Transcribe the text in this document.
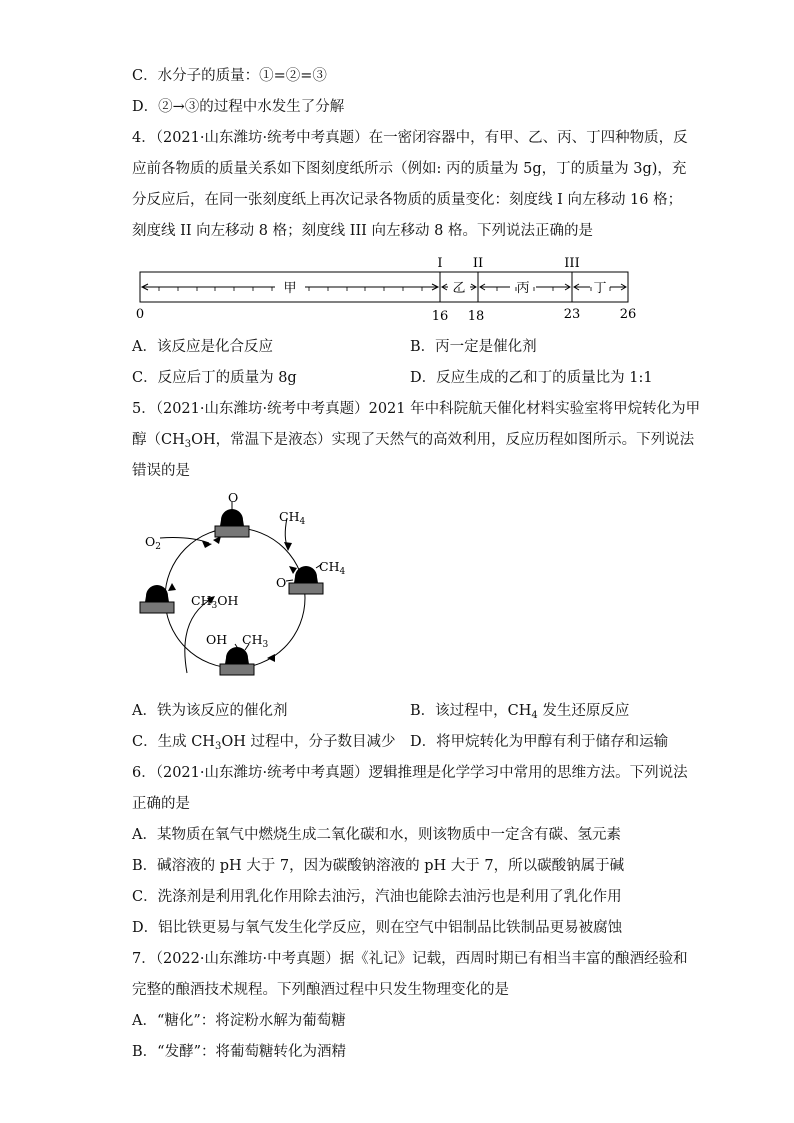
C．水分子的质量：①=②=③
D．②→③的过程中水发生了分解
4．（2021·山东潍坊·统考中考真题）在一密闭容器中，有甲、乙、丙、丁四种物质，反
应前各物质的质量关系如下图刻度纸所示（例如: 丙的质量为 5g，丁的质量为 3g)，充
分反应后，在同一张刻度纸上再次记录各物质的质量变化：刻度线 I 向左移动 16 格；
刻度线 II 向左移动 8 格；刻度线 III 向左移动 8 格。下列说法正确的是
I II	III
甲	乙	丙	丁
0	16 18	23	26
A．该反应是化合反应	B．丙一定是催化剂
C．反应后丁的质量为 8g	D．反应生成的乙和丁的质量比为 1:1
5．（2021·山东潍坊·统考中考真题）2021 年中科院航天催化材料实验室将甲烷转化为甲
醇（$CH_3OH$，常温下是液态）实现了天然气的高效利用，反应历程如图所示。下列说法
错误的是
O
$O_2$
$CH_4$
O
$CH_4$
$CH_3OH$
OH $CH_3$
A．铁为该反应的催化剂	B．该过程中，$CH_4$ 发生还原反应
C．生成 $CH_3OH$ 过程中，分子数目减少 D．将甲烷转化为甲醇有利于储存和运输
6．（2021·山东潍坊·统考中考真题）逻辑推理是化学学习中常用的思维方法。下列说法
正确的是
A．某物质在氧气中燃烧生成二氧化碳和水，则该物质中一定含有碳、氢元素
B．碱溶液的 pH 大于 7，因为碳酸钠溶液的 pH 大于 7，所以碳酸钠属于碱
C．洗涤剂是利用乳化作用除去油污，汽油也能除去油污也是利用了乳化作用
D．铝比铁更易与氧气发生化学反应，则在空气中铝制品比铁制品更易被腐蚀
7．（2022·山东潍坊·中考真题）据《礼记》记载，西周时期已有相当丰富的酿酒经验和
完整的酿酒技术规程。下列酿酒过程中只发生物理变化的是
A．“糖化”：将淀粉水解为葡萄糖
B．“发酵”：将葡萄糖转化为酒精
